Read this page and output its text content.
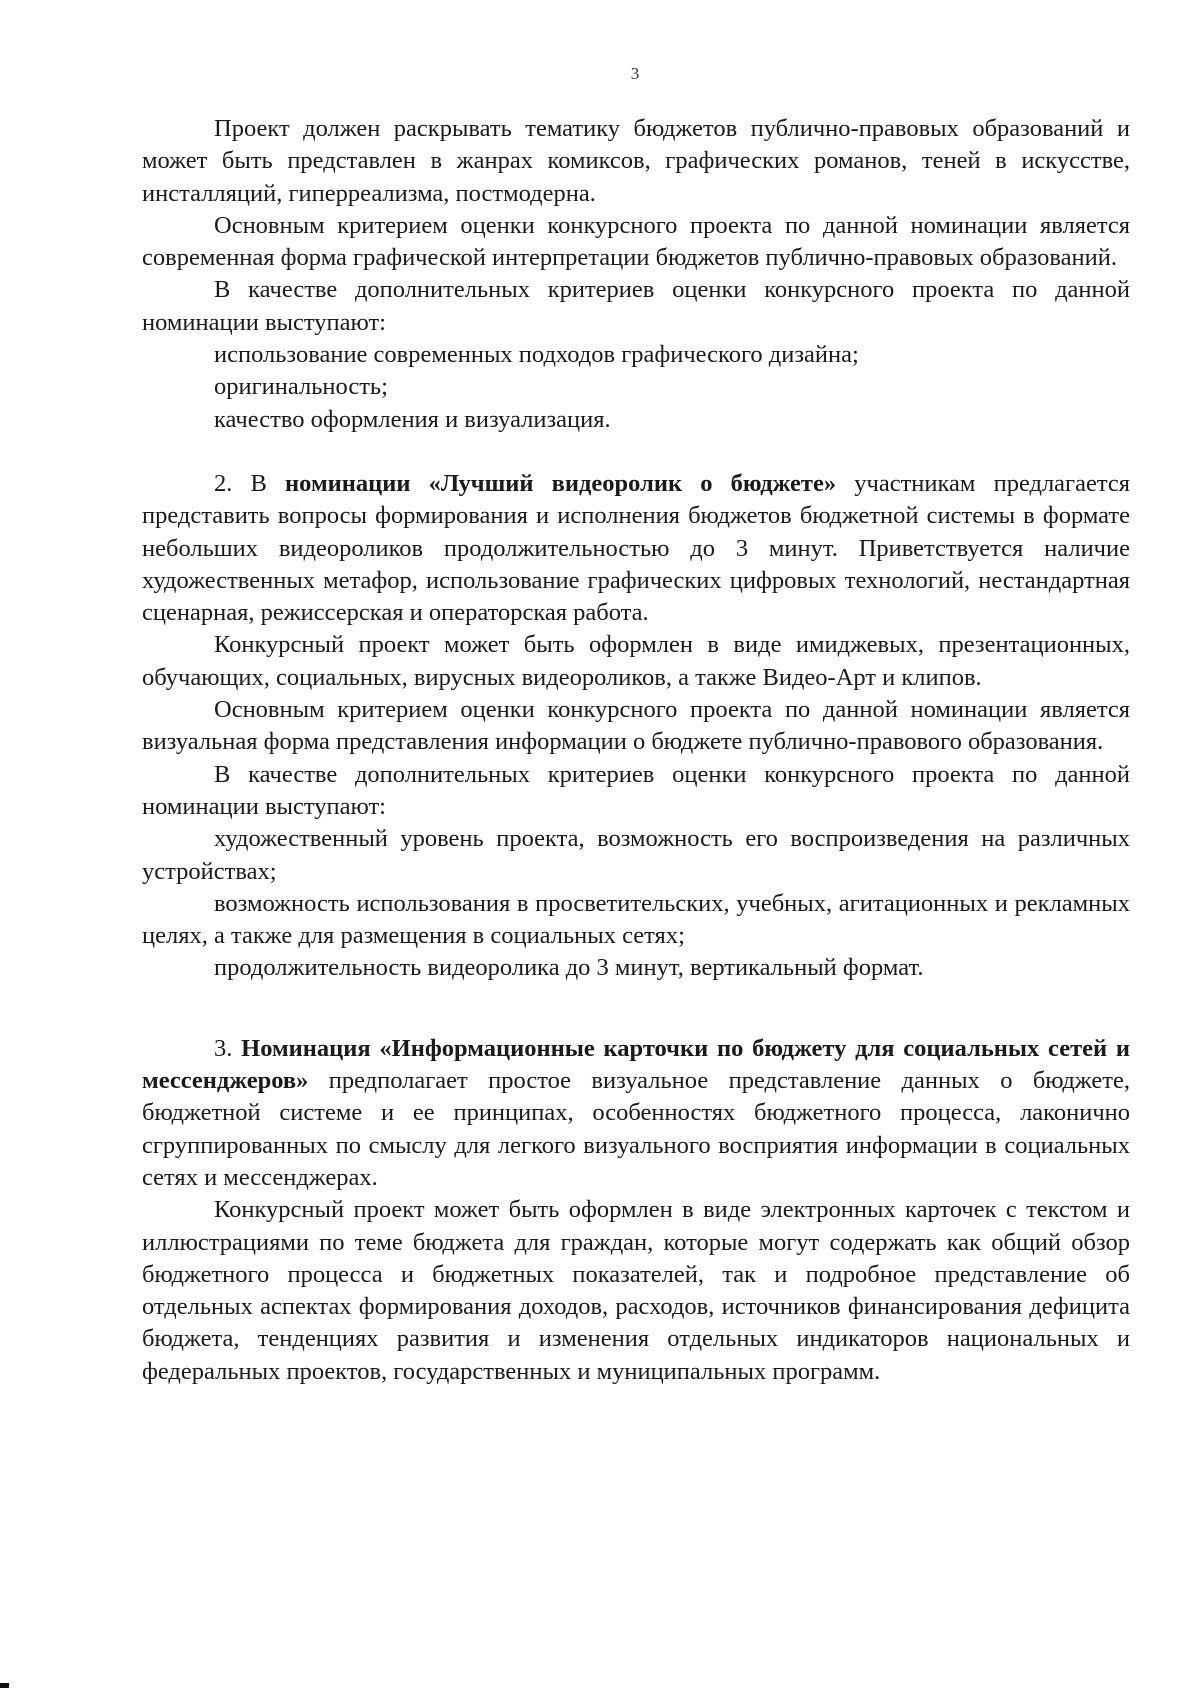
3

Проект должен раскрывать тематику бюджетов публично-правовых образований и может быть представлен в жанрах комиксов, графических романов, теней в искусстве, инсталляций, гиперреализма, постмодерна.

Основным критерием оценки конкурсного проекта по данной номинации является современная форма графической интерпретации бюджетов публично-правовых образований.

В качестве дополнительных критериев оценки конкурсного проекта по данной номинации выступают:

использование современных подходов графического дизайна;

оригинальность;

качество оформления и визуализация.

2. В номинации «Лучший видеоролик о бюджете» участникам предлагается представить вопросы формирования и исполнения бюджетов бюджетной системы в формате небольших видеороликов продолжительностью до 3 минут. Приветствуется наличие художественных метафор, использование графических цифровых технологий, нестандартная сценарная, режиссерская и операторская работа.

Конкурсный проект может быть оформлен в виде имиджевых, презентационных, обучающих, социальных, вирусных видеороликов, а также Видео-Арт и клипов.

Основным критерием оценки конкурсного проекта по данной номинации является визуальная форма представления информации о бюджете публично-правового образования.

В качестве дополнительных критериев оценки конкурсного проекта по данной номинации выступают:

художественный уровень проекта, возможность его воспроизведения на различных устройствах;

возможность использования в просветительских, учебных, агитационных и рекламных целях, а также для размещения в социальных сетях;

продолжительность видеоролика до 3 минут, вертикальный формат.

3. Номинация «Информационные карточки по бюджету для социальных сетей и мессенджеров» предполагает простое визуальное представление данных о бюджете, бюджетной системе и ее принципах, особенностях бюджетного процесса, лаконично сгруппированных по смыслу для легкого визуального восприятия информации в социальных сетях и мессенджерах.

Конкурсный проект может быть оформлен в виде электронных карточек с текстом и иллюстрациями по теме бюджета для граждан, которые могут содержать как общий обзор бюджетного процесса и бюджетных показателей, так и подробное представление об отдельных аспектах формирования доходов, расходов, источников финансирования дефицита бюджета, тенденциях развития и изменения отдельных индикаторов национальных и федеральных проектов, государственных и муниципальных программ.
